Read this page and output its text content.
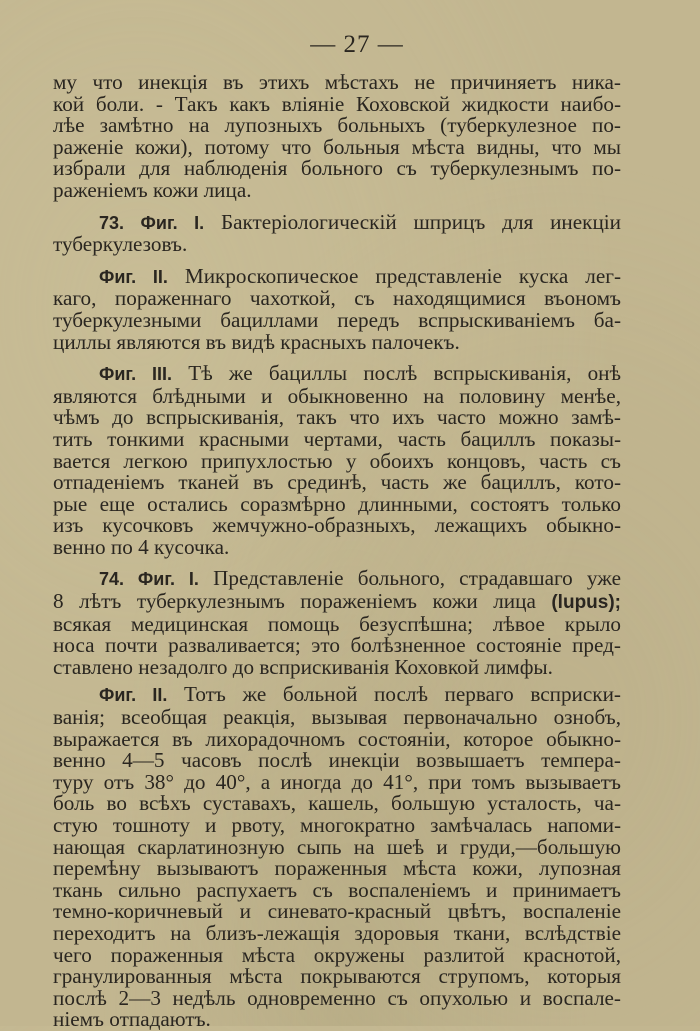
— 27 —
му что инекція въ этихъ мѣстахъ не причиняетъ ника-
кой боли. - Такъ какъ вліяніе Коховской жидкости наибо-
лѣе замѣтно на лупозныхъ больныхъ (туберкулезное по-
раженіе кожи), потому что больныя мѣста видны, что мы
избрали для наблюденія больного съ туберкулезнымъ по-
раженіемъ кожи лица.
73. Фиг. I. Бактеріологическій шприцъ для инекціи
туберкулезовъ.
Фиг. II. Микроскопическое представленіе куска лег-
каго, пораженнаго чахоткой, съ находящимися въономъ
туберкулезными бациллами передъ вспрыскиваніемъ ба-
циллы являются въ видѣ красныхъ палочекъ.
Фиг. III. Тѣ же бациллы послѣ вспрыскиванія, онѣ
являются блѣдными и обыкновенно на половину менѣе,
чѣмъ до вспрыскиванія, такъ что ихъ часто можно замѣ-
тить тонкими красными чертами, часть бациллъ показы-
вается легкою припухлостью у обоихъ концовъ, часть съ
отпаденіемъ тканей въ срединѣ, часть же бациллъ, кото-
рые еще остались соразмѣрно длинными, состоятъ только
изъ кусочковъ жемчужно-образныхъ, лежащихъ обыкно-
венно по 4 кусочка.
74. Фиг. I. Представленіе больного, страдавшаго уже
8 лѣтъ туберкулезнымъ пораженіемъ кожи лица (lupus);
всякая медицинская помощь безуспѣшна; лѣвое крыло
носа почти разваливается; это болѣзненное состояніе пред-
ставлено незадолго до всприскиванія Коховкой лимфы.
Фиг. II. Тотъ же больной послѣ перваго всприски-
ванія; всеобщая реакція, вызывая первоначально ознобъ,
выражается въ лихорадочномъ состояніи, которое обыкно-
венно 4—5 часовъ послѣ инекціи возвышаетъ темпера-
туру отъ 38° до 40°, а иногда до 41°, при томъ вызываетъ
боль во всѣхъ суставахъ, кашель, большую усталость, ча-
стую тошноту и рвоту, многократно замѣчалась напоми-
нающая скарлатинозную сыпь на шеѣ и груди,—большую
перемѣну вызываютъ пораженныя мѣста кожи, лупозная
ткань сильно распухаетъ съ воспаленіемъ и принимаетъ
темно-коричневый и синевато-красный цвѣтъ, воспаленіе
переходитъ на близъ-лежащія здоровыя ткани, вслѣдствіе
чего пораженныя мѣста окружены разлитой краснотой,
гранулированныя мѣста покрываются струпомъ, которыя
послѣ 2—3 недѣль одновременно съ опухолью и воспале-
ніемъ отпадаютъ.
